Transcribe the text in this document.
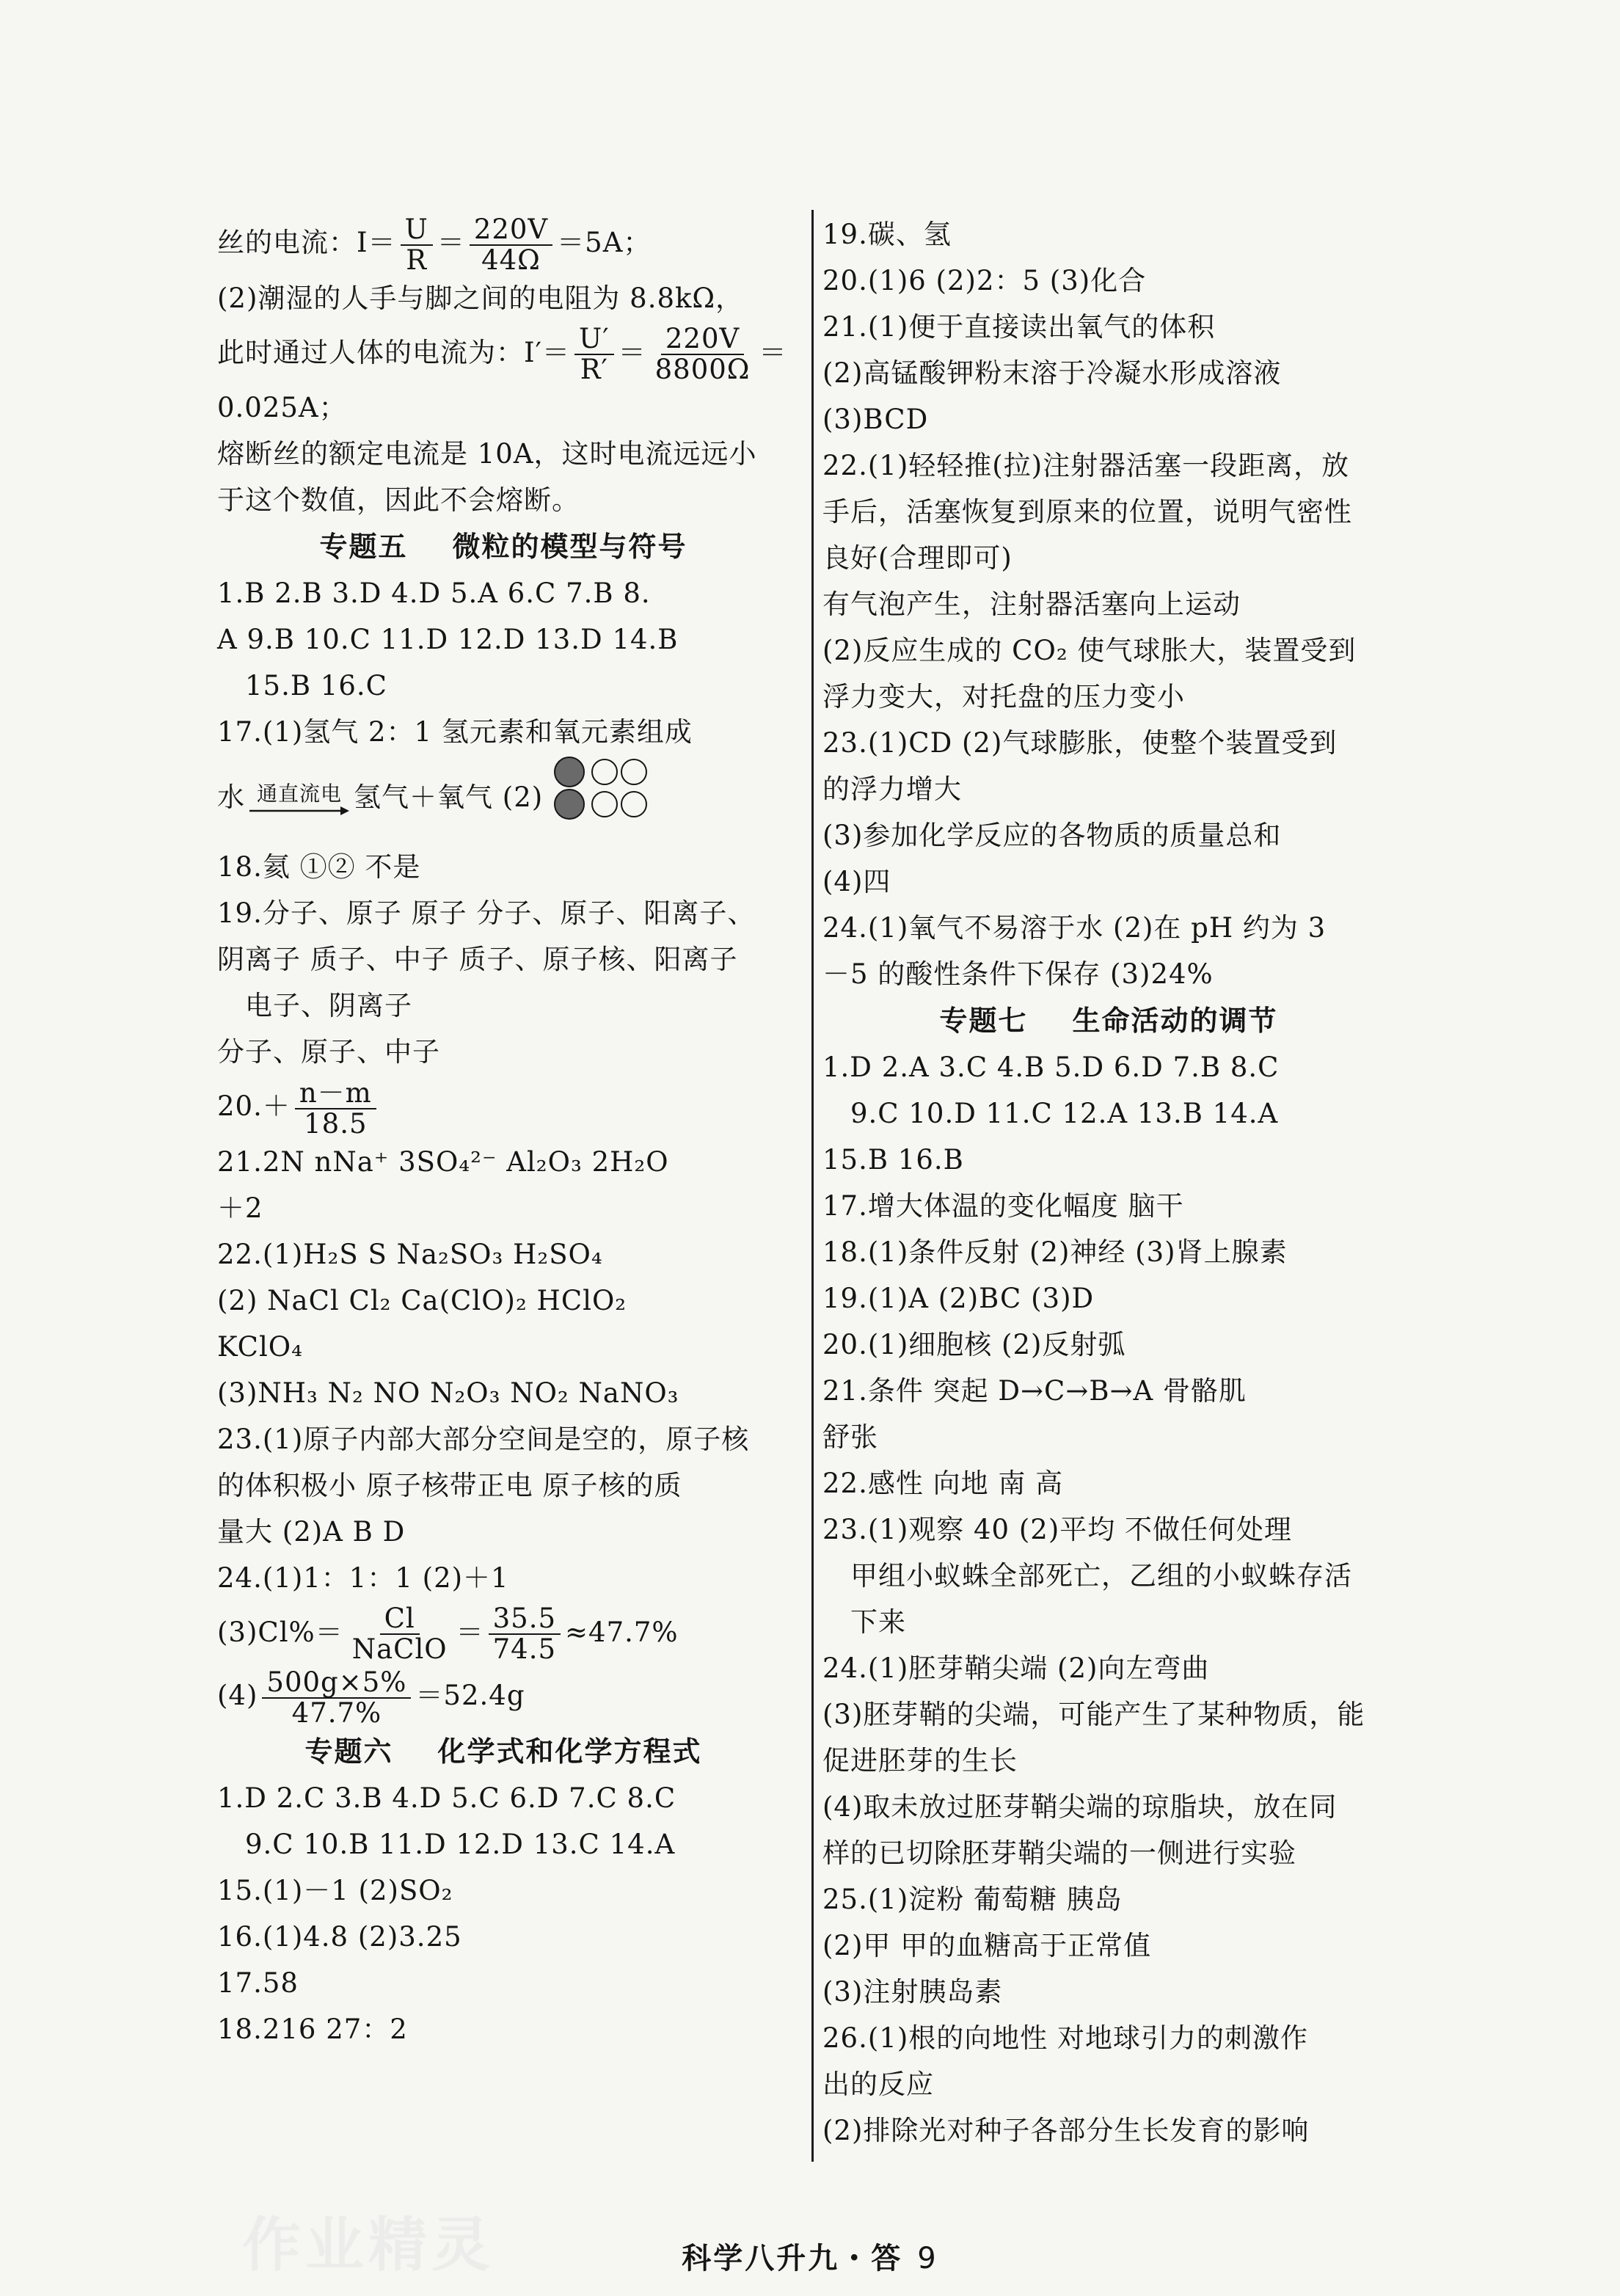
丝的电流：$I= \frac{U}{R} = \frac{220V}{44\Omega} =5A$；
(2)潮湿的人手与脚之间的电阻为 8.8kΩ，
此时通过人体的电流为：$I'= \frac{U'}{R'} = \frac{220V}{8800\Omega}$ ＝
0.025A；
熔断丝的额定电流是 10A，这时电流远远小
于这个数值，因此不会熔断。
专题五    微粒的模型与符号
1.B 2.B 3.D 4.D 5.A 6.C 7.B 8.
A 9.B 10.C 11.D 12.D 13.D 14.B
15.B 16.C
17.(1)氢气 2：1 氢元素和氧元素组成
水 通直流电 氢气＋氧气 (2)
18.氦 ①② 不是
19.分子、原子 原子 分子、原子、阳离子、
阴离子 质子、中子 质子、原子核、阳离子
电子、阴离子
分子、原子、中子
$20.+ \frac{n-m}{18.5}$
21.2N nNa⁺ 3SO₄²⁻ Al₂O₃ 2H₂O
＋2
22.(1)H₂S S Na₂SO₃ H₂SO₄
(2) NaCl Cl₂ Ca(ClO)₂ HClO₂
KClO₄
(3)NH₃ N₂ NO N₂O₃ NO₂ NaNO₃
23.(1)原子内部大部分空间是空的，原子核
的体积极小 原子核带正电 原子核的质
量大 (2)A B D
24.(1)1：1：1 (2)＋1
$(3)Cl\%= \frac{Cl}{\text{NaClO}} = \frac{35.5}{74.5} \approx 47.7\%$
$(4) \frac{500g\times 5\%}{47.7\%} =52.4g$
专题六    化学式和化学方程式
1.D 2.C 3.B 4.D 5.C 6.D 7.C 8.C
9.C 10.B 11.D 12.D 13.C 14.A
15.(1)－1 (2)SO₂
16.(1)4.8 (2)3.25
17.58
18.216 27：2
19.碳、氢
20.(1)6 (2)2：5 (3)化合
21.(1)便于直接读出氧气的体积
(2)高锰酸钾粉末溶于冷凝水形成溶液
(3)BCD
22.(1)轻轻推(拉)注射器活塞一段距离，放
手后，活塞恢复到原来的位置，说明气密性
良好(合理即可)
有气泡产生，注射器活塞向上运动
(2)反应生成的 CO₂ 使气球胀大，装置受到
浮力变大，对托盘的压力变小
23.(1)CD (2)气球膨胀，使整个装置受到
的浮力增大
(3)参加化学反应的各物质的质量总和
(4)四
24.(1)氧气不易溶于水 (2)在 pH 约为 3
－5 的酸性条件下保存 (3)24%
专题七    生命活动的调节
1.D 2.A 3.C 4.B 5.D 6.D 7.B 8.C
9.C 10.D 11.C 12.A 13.B 14.A
15.B 16.B
17.增大体温的变化幅度 脑干
18.(1)条件反射 (2)神经 (3)肾上腺素
19.(1)A (2)BC (3)D
20.(1)细胞核 (2)反射弧
21.条件 突起 D→C→B→A 骨骼肌
舒张
22.感性 向地 南 高
23.(1)观察 40 (2)平均 不做任何处理
甲组小蚁蛛全部死亡，乙组的小蚁蛛存活
下来
24.(1)胚芽鞘尖端 (2)向左弯曲
(3)胚芽鞘的尖端，可能产生了某种物质，能
促进胚芽的生长
(4)取未放过胚芽鞘尖端的琼脂块，放在同
样的已切除胚芽鞘尖端的一侧进行实验
25.(1)淀粉 葡萄糖 胰岛
(2)甲 甲的血糖高于正常值
(3)注射胰岛素
26.(1)根的向地性 对地球引力的刺激作
出的反应
(2)排除光对种子各部分生长发育的影响
作业精灵	科学八升九・答 9
